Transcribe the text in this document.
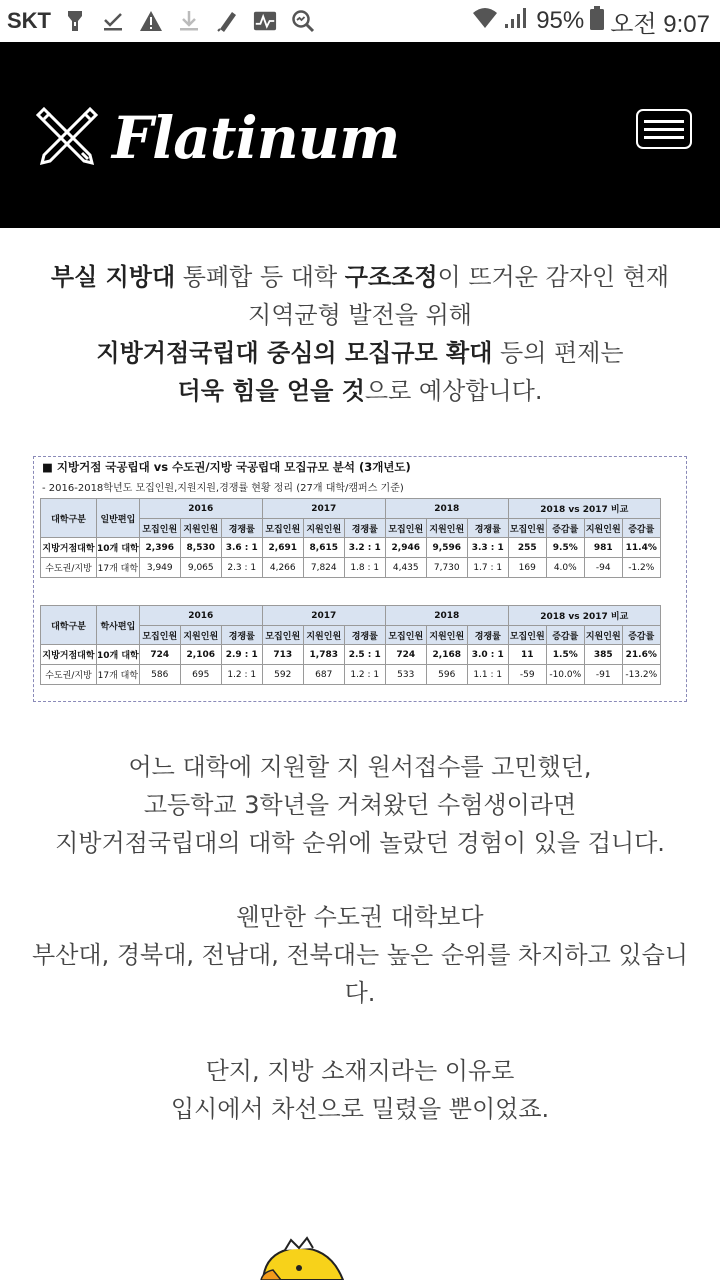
SKT	95% 오전 9:07
Flatinum
부실 지방대 통폐합 등 대학 구조조정이 뜨거운 감자인 현재
지역균형 발전을 위해
지방거점국립대 중심의 모집규모 확대 등의 편제는
더욱 힘을 얻을 것으로 예상합니다.
■ 지방거점 국공립대 vs 수도권/지방 국공립대 모집규모 분석 (3개년도)
- 2016-2018학년도 모집인원,지원지원,경쟁률 현황 정리 (27개 대학/캠퍼스 기준)
대학구분	일반편입	2016			2017			2018			2018 vs 2017 비교			
		모집인원	지원인원	경쟁률	모집인원	지원인원	경쟁률	모집인원	지원인원	경쟁률	모집인원	증감률	지원인원	증감률
지방거점대학	10개 대학	2,396	8,530	3.6 : 1	2,691	8,615	3.2 : 1	2,946	9,596	3.3 : 1	255	9.5%	981	11.4%
수도권/지방	17개 대학	3,949	9,065	2.3 : 1	4,266	7,824	1.8 : 1	4,435	7,730	1.7 : 1	169	4.0%	-94	-1.2%
대학구분	학사편입	2016			2017			2018			2018 vs 2017 비교			
		모집인원	지원인원	경쟁률	모집인원	지원인원	경쟁률	모집인원	지원인원	경쟁률	모집인원	증감률	지원인원	증감률
지방거점대학	10개 대학	724	2,106	2.9 : 1	713	1,783	2.5 : 1	724	2,168	3.0 : 1	11	1.5%	385	21.6%
수도권/지방	17개 대학	586	695	1.2 : 1	592	687	1.2 : 1	533	596	1.1 : 1	-59	-10.0%	-91	-13.2%
어느 대학에 지원할 지 원서접수를 고민했던,
고등학교 3학년을 거쳐왔던 수험생이라면
지방거점국립대의 대학 순위에 놀랐던 경험이 있을 겁니다.
웬만한 수도권 대학보다
부산대, 경북대, 전남대, 전북대는 높은 순위를 차지하고 있습니
다.
단지, 지방 소재지라는 이유로
입시에서 차선으로 밀렸을 뿐이었죠.
